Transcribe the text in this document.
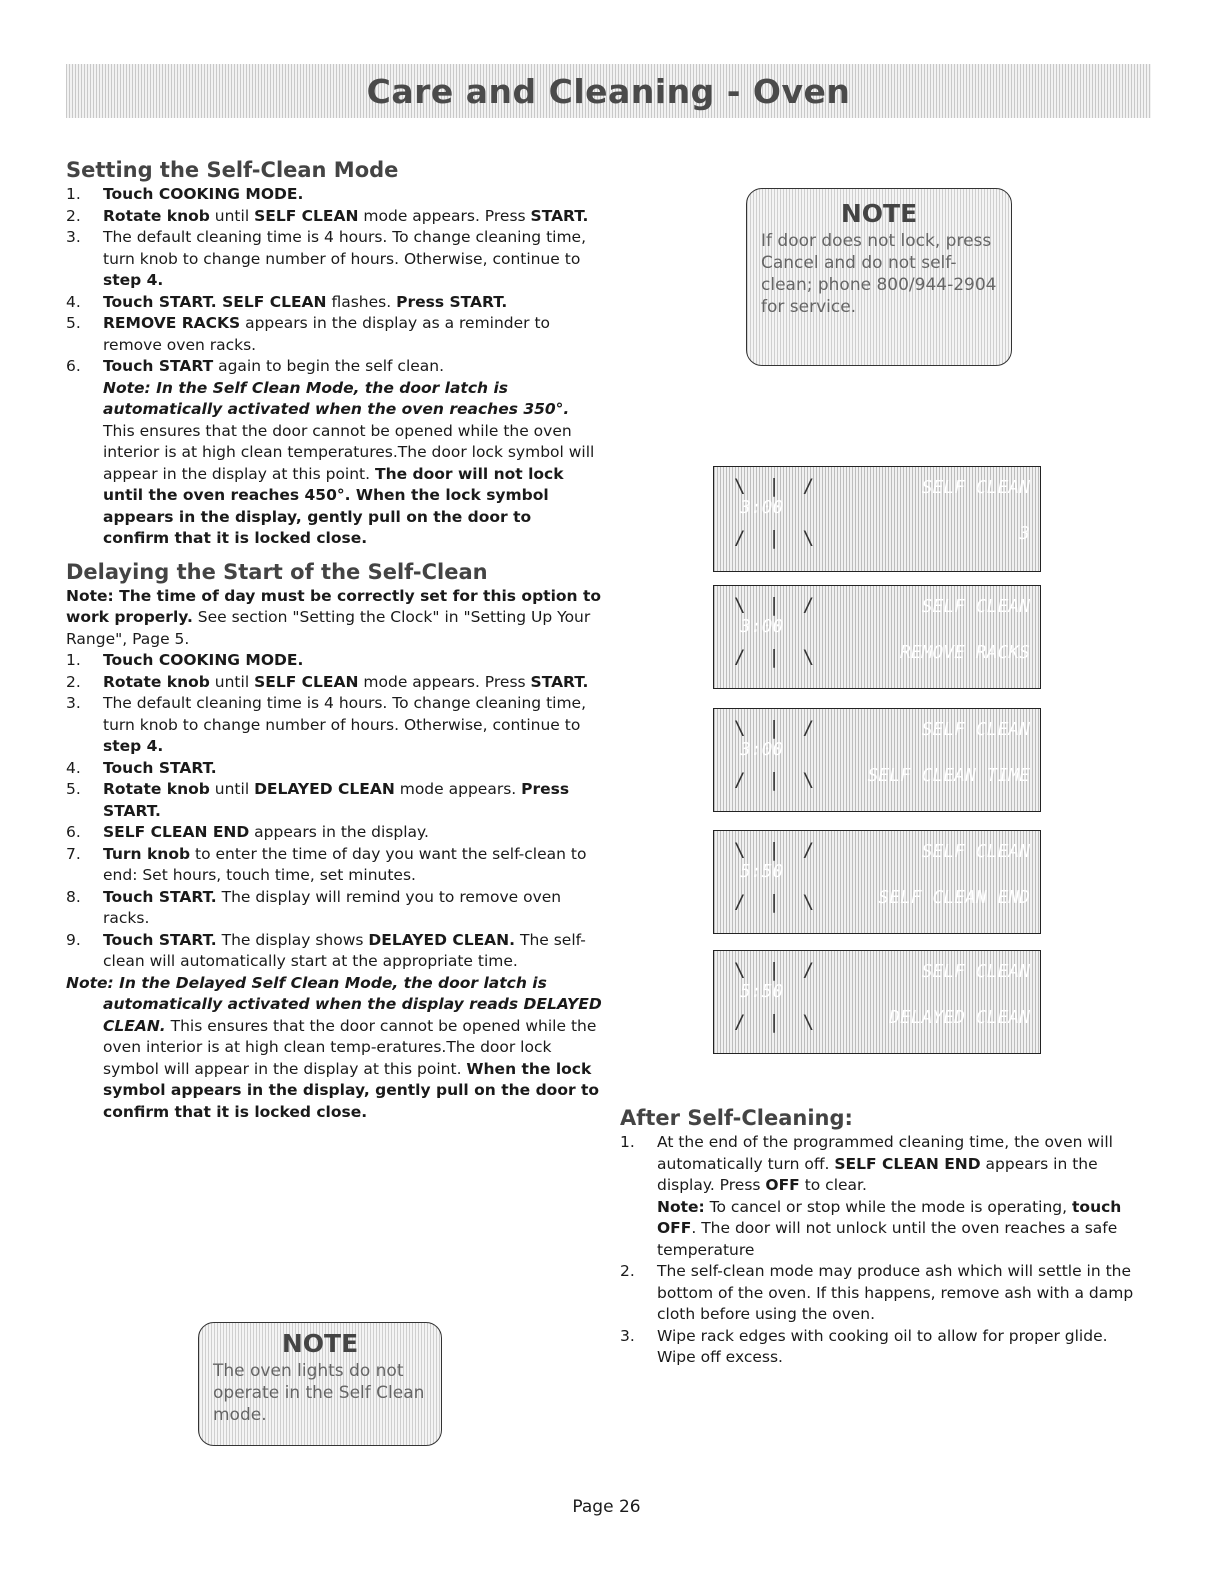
Care and Cleaning - Oven
Setting the Self-Clean Mode
1.	Touch COOKING MODE.
2.	Rotate knob until SELF CLEAN mode appears. Press START.
3.	The default cleaning time is 4 hours. To change cleaning time, turn knob to change number of hours. Otherwise, continue to step 4.
4.	Touch START. SELF CLEAN flashes. Press START.
5.	REMOVE RACKS appears in the display as a reminder to remove oven racks.
6.	Touch START again to begin the self clean.

Note: In the Self Clean Mode, the door latch is automatically activated when the oven reaches 350°. This ensures that the door cannot be opened while the oven interior is at high clean temperatures.The door lock symbol will appear in the display at this point. The door will not lock until the oven reaches 450°. When the lock symbol appears in the display, gently pull on the door to confirm that it is locked close.

Delaying the Start of the Self-Clean

Note: The time of day must be correctly set for this option to work properly. See section "Setting the Clock" in "Setting Up Your Range", Page 5.

1.	Touch COOKING MODE.
2.	Rotate knob until SELF CLEAN mode appears. Press START.
3.	The default cleaning time is 4 hours. To change cleaning time, turn knob to change number of hours. Otherwise, continue to step 4.
4.	Touch START.
5.	Rotate knob until DELAYED CLEAN mode appears. Press START.
6.	SELF CLEAN END appears in the display.
7.	Turn knob to enter the time of day you want the self-clean to end: Set hours, touch time, set minutes.
8.	Touch START. The display will remind you to remove oven racks.
9.	Touch START. The display shows DELAYED CLEAN. The self-clean will automatically start at the appropriate time.

Note: In the Delayed Self Clean Mode, the door latch is automatically activated when the display reads DELAYED CLEAN. This ensures that the door cannot be opened while the oven interior is at high clean temp-eratures.The door lock symbol will appear in the display at this point. When the lock symbol appears in the display, gently pull on the door to confirm that it is locked close.

NOTE
If door does not lock, press Cancel and do not self-clean; phone 800/944-2904 for service.
NOTE
The oven lights do not operate in the Self Clean mode.
\  |  /

/  |  \
3:00
SELF CLEAN
3
\  |  /

/  |  \
3:00
SELF CLEAN
REMOVE RACKS
\  |  /

/  |  \
3:00
SELF CLEAN
SELF CLEAN TIME
\  |  /

/  |  \
5:50
SELF CLEAN
SELF CLEAN END
\  |  /

/  |  \
5:50
SELF CLEAN
DELAYED CLEAN
After Self-Cleaning:
1.	At the end of the programmed cleaning time, the oven will automatically turn off. SELF CLEAN END appears in the display. Press OFF to clear.
Note: To cancel or stop while the mode is operating, touch OFF. The door will not unlock until the oven reaches a safe temperature
2.	The self-clean mode may produce ash which will settle in the bottom of the oven. If this happens, remove ash with a damp cloth before using the oven.
3.	Wipe rack edges with cooking oil to allow for proper glide. Wipe off excess.
Page 26
